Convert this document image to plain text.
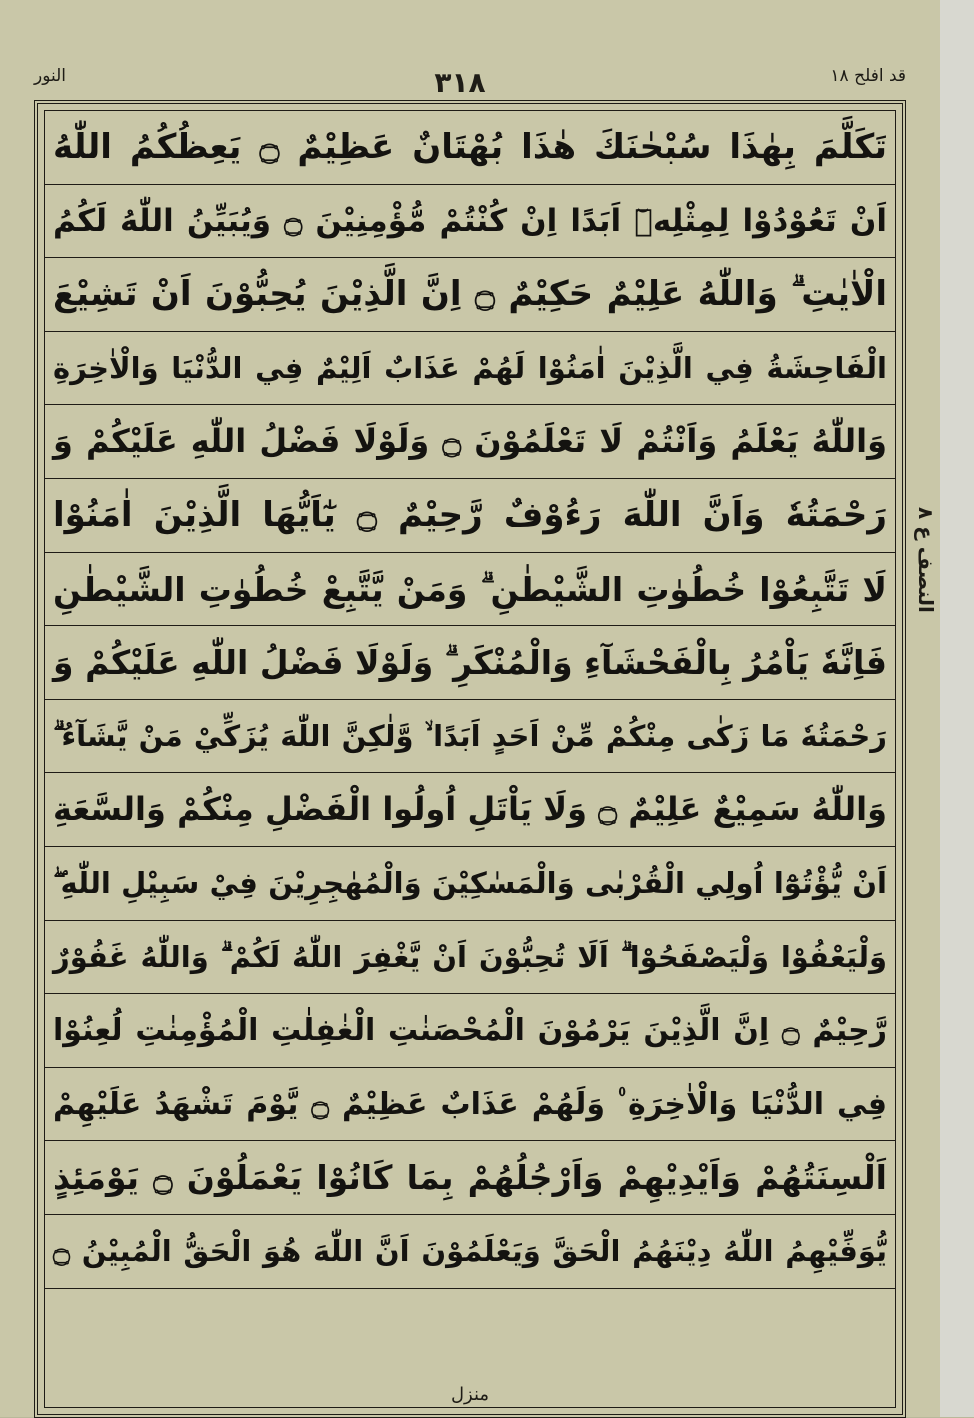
النور	٣١٨	قد افلح ١٨
تَكَلَّمَ بِهٰذَا سُبْحٰنَكَ هٰذَا بُهْتَانٌ عَظِيْمٌ ۝ يَعِظُكُمُ اللّٰهُ
اَنْ تَعُوْدُوْا لِمِثْلِهٖٓ اَبَدًا اِنْ كُنْتُمْ مُّؤْمِنِيْنَ ۝ وَيُبَيِّنُ اللّٰهُ لَكُمُ
الْاٰيٰتِ ۗ وَاللّٰهُ عَلِيْمٌ حَكِيْمٌ ۝ اِنَّ الَّذِيْنَ يُحِبُّوْنَ اَنْ تَشِيْعَ
الْفَاحِشَةُ فِي الَّذِيْنَ اٰمَنُوْا لَهُمْ عَذَابٌ اَلِيْمٌ فِي الدُّنْيَا وَالْاٰخِرَةِ
وَاللّٰهُ يَعْلَمُ وَاَنْتُمْ لَا تَعْلَمُوْنَ ۝ وَلَوْلَا فَضْلُ اللّٰهِ عَلَيْكُمْ وَ
رَحْمَتُهٗ وَاَنَّ اللّٰهَ رَءُوْفٌ رَّحِيْمٌ ۝ يٰٓاَيُّهَا الَّذِيْنَ اٰمَنُوْا
لَا تَتَّبِعُوْا خُطُوٰتِ الشَّيْطٰنِ ۗ وَمَنْ يَّتَّبِعْ خُطُوٰتِ الشَّيْطٰنِ
فَاِنَّهٗ يَاْمُرُ بِالْفَحْشَآءِ وَالْمُنْكَرِ ۗ وَلَوْلَا فَضْلُ اللّٰهِ عَلَيْكُمْ وَ
رَحْمَتُهٗ مَا زَكٰى مِنْكُمْ مِّنْ اَحَدٍ اَبَدًا ۙ وَّلٰكِنَّ اللّٰهَ يُزَكِّيْ مَنْ يَّشَآءُ ۗ
وَاللّٰهُ سَمِيْعٌ عَلِيْمٌ ۝ وَلَا يَاْتَلِ اُولُوا الْفَضْلِ مِنْكُمْ وَالسَّعَةِ
اَنْ يُّؤْتُوْٓا اُولِي الْقُرْبٰى وَالْمَسٰكِيْنَ وَالْمُهٰجِرِيْنَ فِيْ سَبِيْلِ اللّٰهِ ۖ
وَلْيَعْفُوْا وَلْيَصْفَحُوْا ۗ اَلَا تُحِبُّوْنَ اَنْ يَّغْفِرَ اللّٰهُ لَكُمْ ۗ وَاللّٰهُ غَفُوْرٌ
رَّحِيْمٌ ۝ اِنَّ الَّذِيْنَ يَرْمُوْنَ الْمُحْصَنٰتِ الْغٰفِلٰتِ الْمُؤْمِنٰتِ لُعِنُوْا
فِي الدُّنْيَا وَالْاٰخِرَةِ ۠ وَلَهُمْ عَذَابٌ عَظِيْمٌ ۝ يَّوْمَ تَشْهَدُ عَلَيْهِمْ
اَلْسِنَتُهُمْ وَاَيْدِيْهِمْ وَاَرْجُلُهُمْ بِمَا كَانُوْا يَعْمَلُوْنَ ۝ يَوْمَئِذٍ
يُّوَفِّيْهِمُ اللّٰهُ دِيْنَهُمُ الْحَقَّ وَيَعْلَمُوْنَ اَنَّ اللّٰهَ هُوَ الْحَقُّ الْمُبِيْنُ ۝
النصف ع ٨
منزل
